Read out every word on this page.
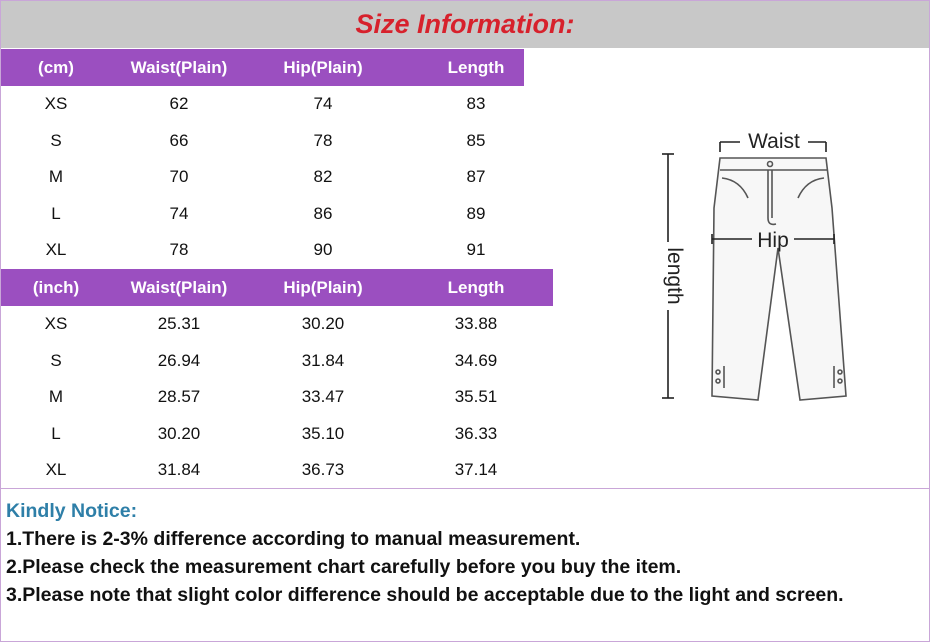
Size Information:
(cm)	Waist(Plain)	Hip(Plain)	Length
XS	62	74	83
S	66	78	85
M	70	82	87
L	74	86	89
XL	78	90	91
(inch)	Waist(Plain)	Hip(Plain)	Length
XS	25.31	30.20	33.88
S	26.94	31.84	34.69
M	28.57	33.47	35.51
L	30.20	35.10	36.33
XL	31.84	36.73	37.14
Waist
Hip
length

Kindly Notice:

1.There is 2-3% difference according to manual measurement.

2.Please check the measurement chart carefully before you buy the item.

3.Please note that slight color difference should be acceptable due to the light and screen.
